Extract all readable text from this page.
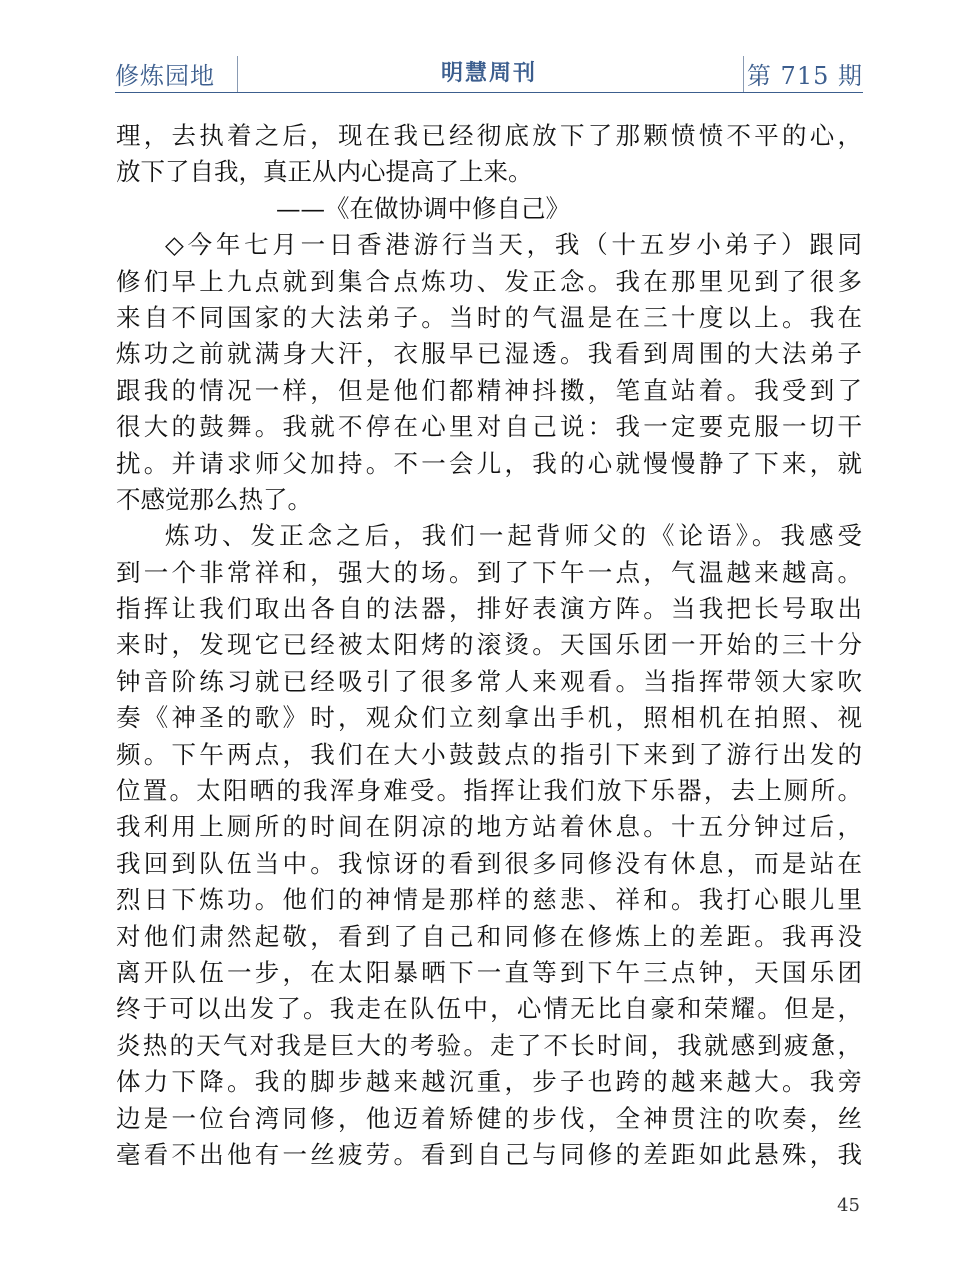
修炼园地	明慧周刊	第 715 期
理，去执着之后，现在我已经彻底放下了那颗愤愤不平的心，
放下了自我，真正从内心提高了上来。
——《在做协调中修自己》
◇今年七月一日香港游行当天，我（十五岁小弟子）跟同
修们早上九点就到集合点炼功、发正念。我在那里见到了很多
来自不同国家的大法弟子。当时的气温是在三十度以上。我在
炼功之前就满身大汗，衣服早已湿透。我看到周围的大法弟子
跟我的情况一样，但是他们都精神抖擞，笔直站着。我受到了
很大的鼓舞。我就不停在心里对自己说：我一定要克服一切干
扰。并请求师父加持。不一会儿，我的心就慢慢静了下来，就
不感觉那么热了。
炼功、发正念之后，我们一起背师父的《论语》。我感受
到一个非常祥和，强大的场。到了下午一点，气温越来越高。
指挥让我们取出各自的法器，排好表演方阵。当我把长号取出
来时，发现它已经被太阳烤的滚烫。天国乐团一开始的三十分
钟音阶练习就已经吸引了很多常人来观看。当指挥带领大家吹
奏《神圣的歌》时，观众们立刻拿出手机，照相机在拍照、视
频。下午两点，我们在大小鼓鼓点的指引下来到了游行出发的
位置。太阳晒的我浑身难受。指挥让我们放下乐器，去上厕所。
我利用上厕所的时间在阴凉的地方站着休息。十五分钟过后，
我回到队伍当中。我惊讶的看到很多同修没有休息，而是站在
烈日下炼功。他们的神情是那样的慈悲、祥和。我打心眼儿里
对他们肃然起敬，看到了自己和同修在修炼上的差距。我再没
离开队伍一步，在太阳暴晒下一直等到下午三点钟，天国乐团
终于可以出发了。我走在队伍中，心情无比自豪和荣耀。但是，
炎热的天气对我是巨大的考验。走了不长时间，我就感到疲惫，
体力下降。我的脚步越来越沉重，步子也跨的越来越大。我旁
边是一位台湾同修，他迈着矫健的步伐，全神贯注的吹奏，丝
毫看不出他有一丝疲劳。看到自己与同修的差距如此悬殊，我
45
